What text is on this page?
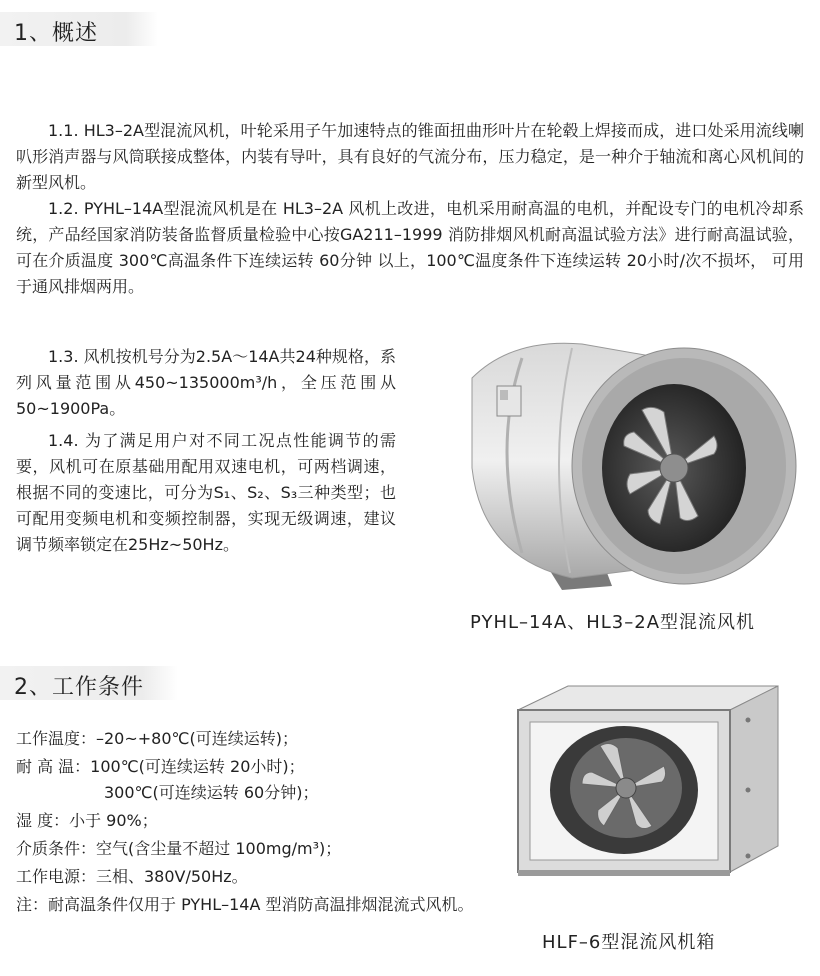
1、概述

1.1. HL3–2A型混流风机，叶轮采用子午加速特点的锥面扭曲形叶片在轮毂上焊接而成，进口处采用流线喇叭形消声器与风筒联接成整体，内装有导叶，具有良好的气流分布，压力稳定，是一种介于轴流和离心风机间的新型风机。

1.2. PYHL–14A型混流风机是在 HL3–2A 风机上改进，电机采用耐高温的电机，并配设专门的电机冷却系统，产品经国家消防装备监督质量检验中心按GA211–1999 消防排烟风机耐高温试验方法》进行耐高温试验，可在介质温度 300℃高温条件下连续运转 60分钟 以上，100℃温度条件下连续运转 20小时/次不损坏， 可用于通风排烟两用。

1.3. 风机按机号分为2.5A～14A共24种规格，系列风量范围从450~135000m³/h，全压范围从 50~1900Pa。

1.4. 为了满足用户对不同工况点性能调节的需要，风机可在原基础用配用双速电机，可两档调速，根据不同的变速比，可分为S₁、S₂、S₃三种类型；也可配用变频电机和变频控制器，实现无级调速，建议调节频率锁定在25Hz~50Hz。

PYHL–14A、HL3–2A型混流风机
2、工作条件
工作温度：–20~+80℃(可连续运转)；
耐 高 温：100℃(可连续运转 20小时)；
300℃(可连续运转 60分钟)；
湿 度：小于 90%；
介质条件：空气(含尘量不超过 100mg/m³)；
工作电源：三相、380V/50Hz。
注：耐高温条件仅用于 PYHL–14A 型消防高温排烟混流式风机。
HLF–6型混流风机箱
